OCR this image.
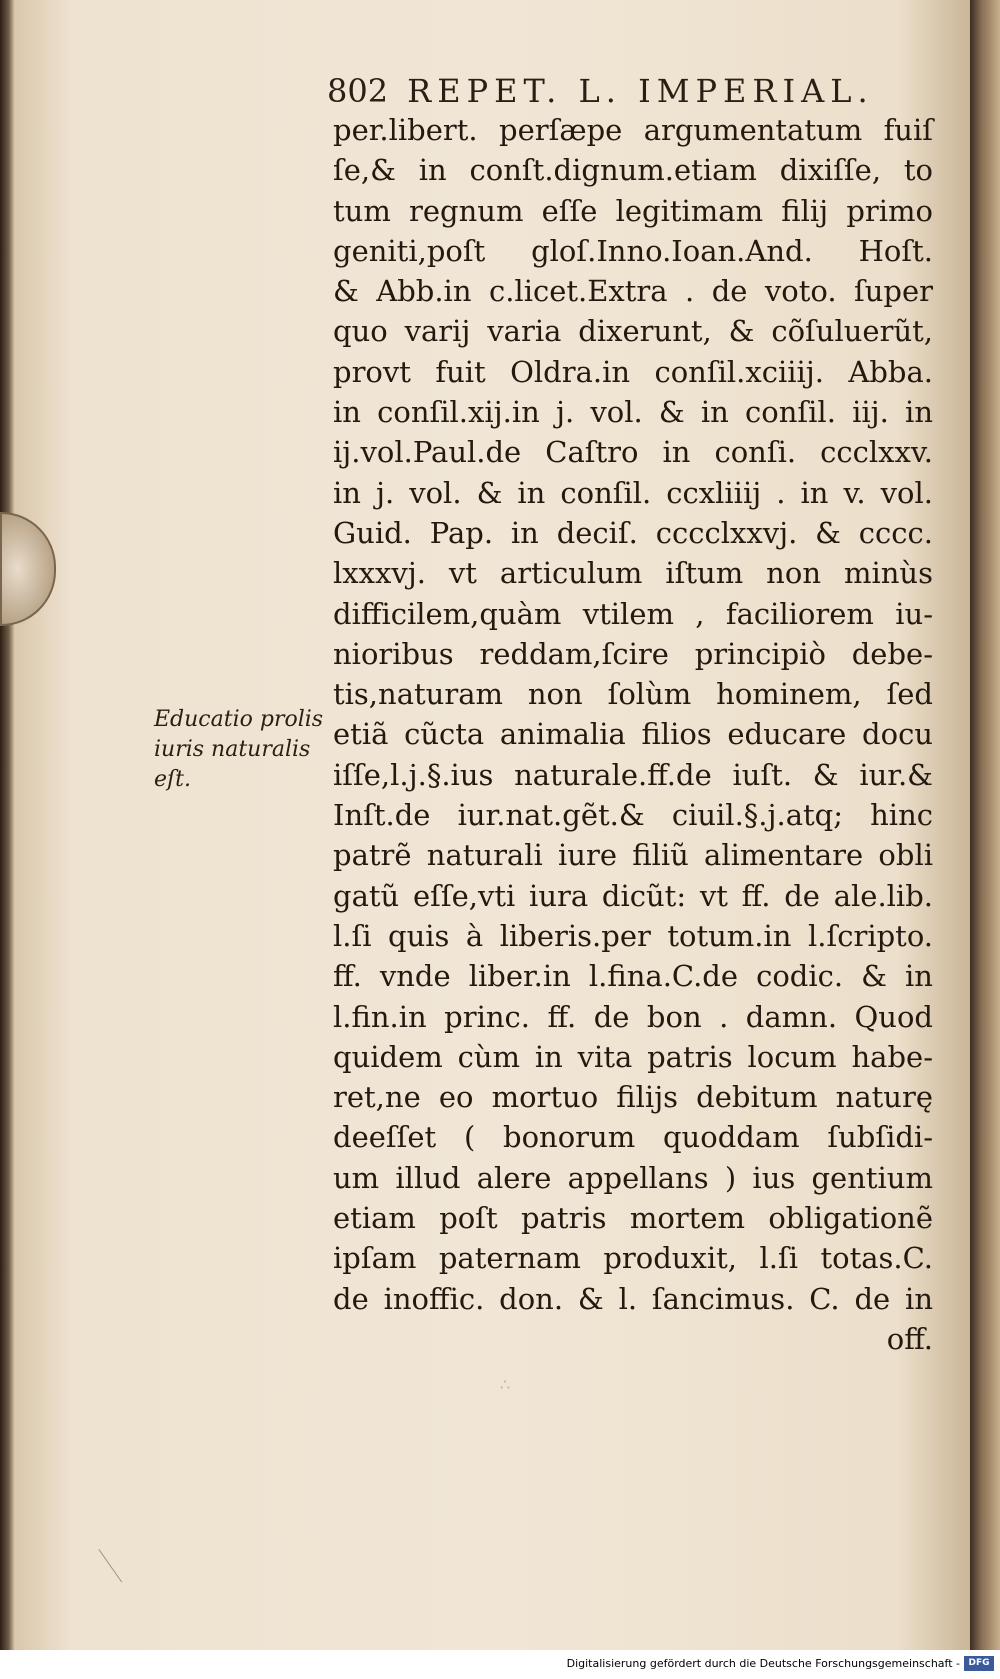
802 REPET. L. IMPERIAL.
per.libert. perſæpe argumentatum fuiſ
ſe,& in conſt.dignum.etiam dixiſſe, to
tum regnum eſſe legitimam filij primo
geniti,poſt gloſ.Inno.Ioan.And. Hoſt.
& Abb.in c.licet.Extra . de voto. ſuper
quo varij varia dixerunt, & cõſuluerũt,
provt fuit Oldra.in conſil.xciiij. Abba.
in conſil.xij.in j. vol. & in conſil. iij. in
ij.vol.Paul.de Caſtro in conſi. ccclxxv.
in j. vol. & in conſil. ccxliiij . in v. vol.
Guid. Pap. in deciſ. cccclxxvj. & cccc.
lxxxvj. vt articulum iſtum non minùs
difficilem,quàm vtilem , faciliorem iu-
nioribus reddam,ſcire principiò debe-
tis,naturam non ſolùm hominem, ſed
etiã cũcta animalia filios educare docu
iſſe,l.j.§.ius naturale.ff.de iuſt. & iur.&
Inſt.de iur.nat.gẽt.& ciuil.§.j.atq; hinc
patrẽ naturali iure filiũ alimentare obli
gatũ eſſe,vti iura dicũt: vt ff. de ale.lib.
l.ſi quis à liberis.per totum.in l.ſcripto.
ff. vnde liber.in l.fina.C.de codic. & in
l.fin.in princ. ff. de bon . damn. Quod
quidem cùm in vita patris locum habe-
ret,ne eo mortuo filijs debitum naturę
deeſſet ( bonorum quoddam ſubſidi-
um illud alere appellans ) ius gentium
etiam poſt patris mortem obligationẽ
ipſam paternam produxit, l.ſi totas.C.
de inoffic. don. & l. ſancimus. C. de in
off.
Educatio prolis
iuris naturalis
eſt.
∴
Digitalisierung gefördert durch die Deutsche Forschungsgemeinschaft - DFG
